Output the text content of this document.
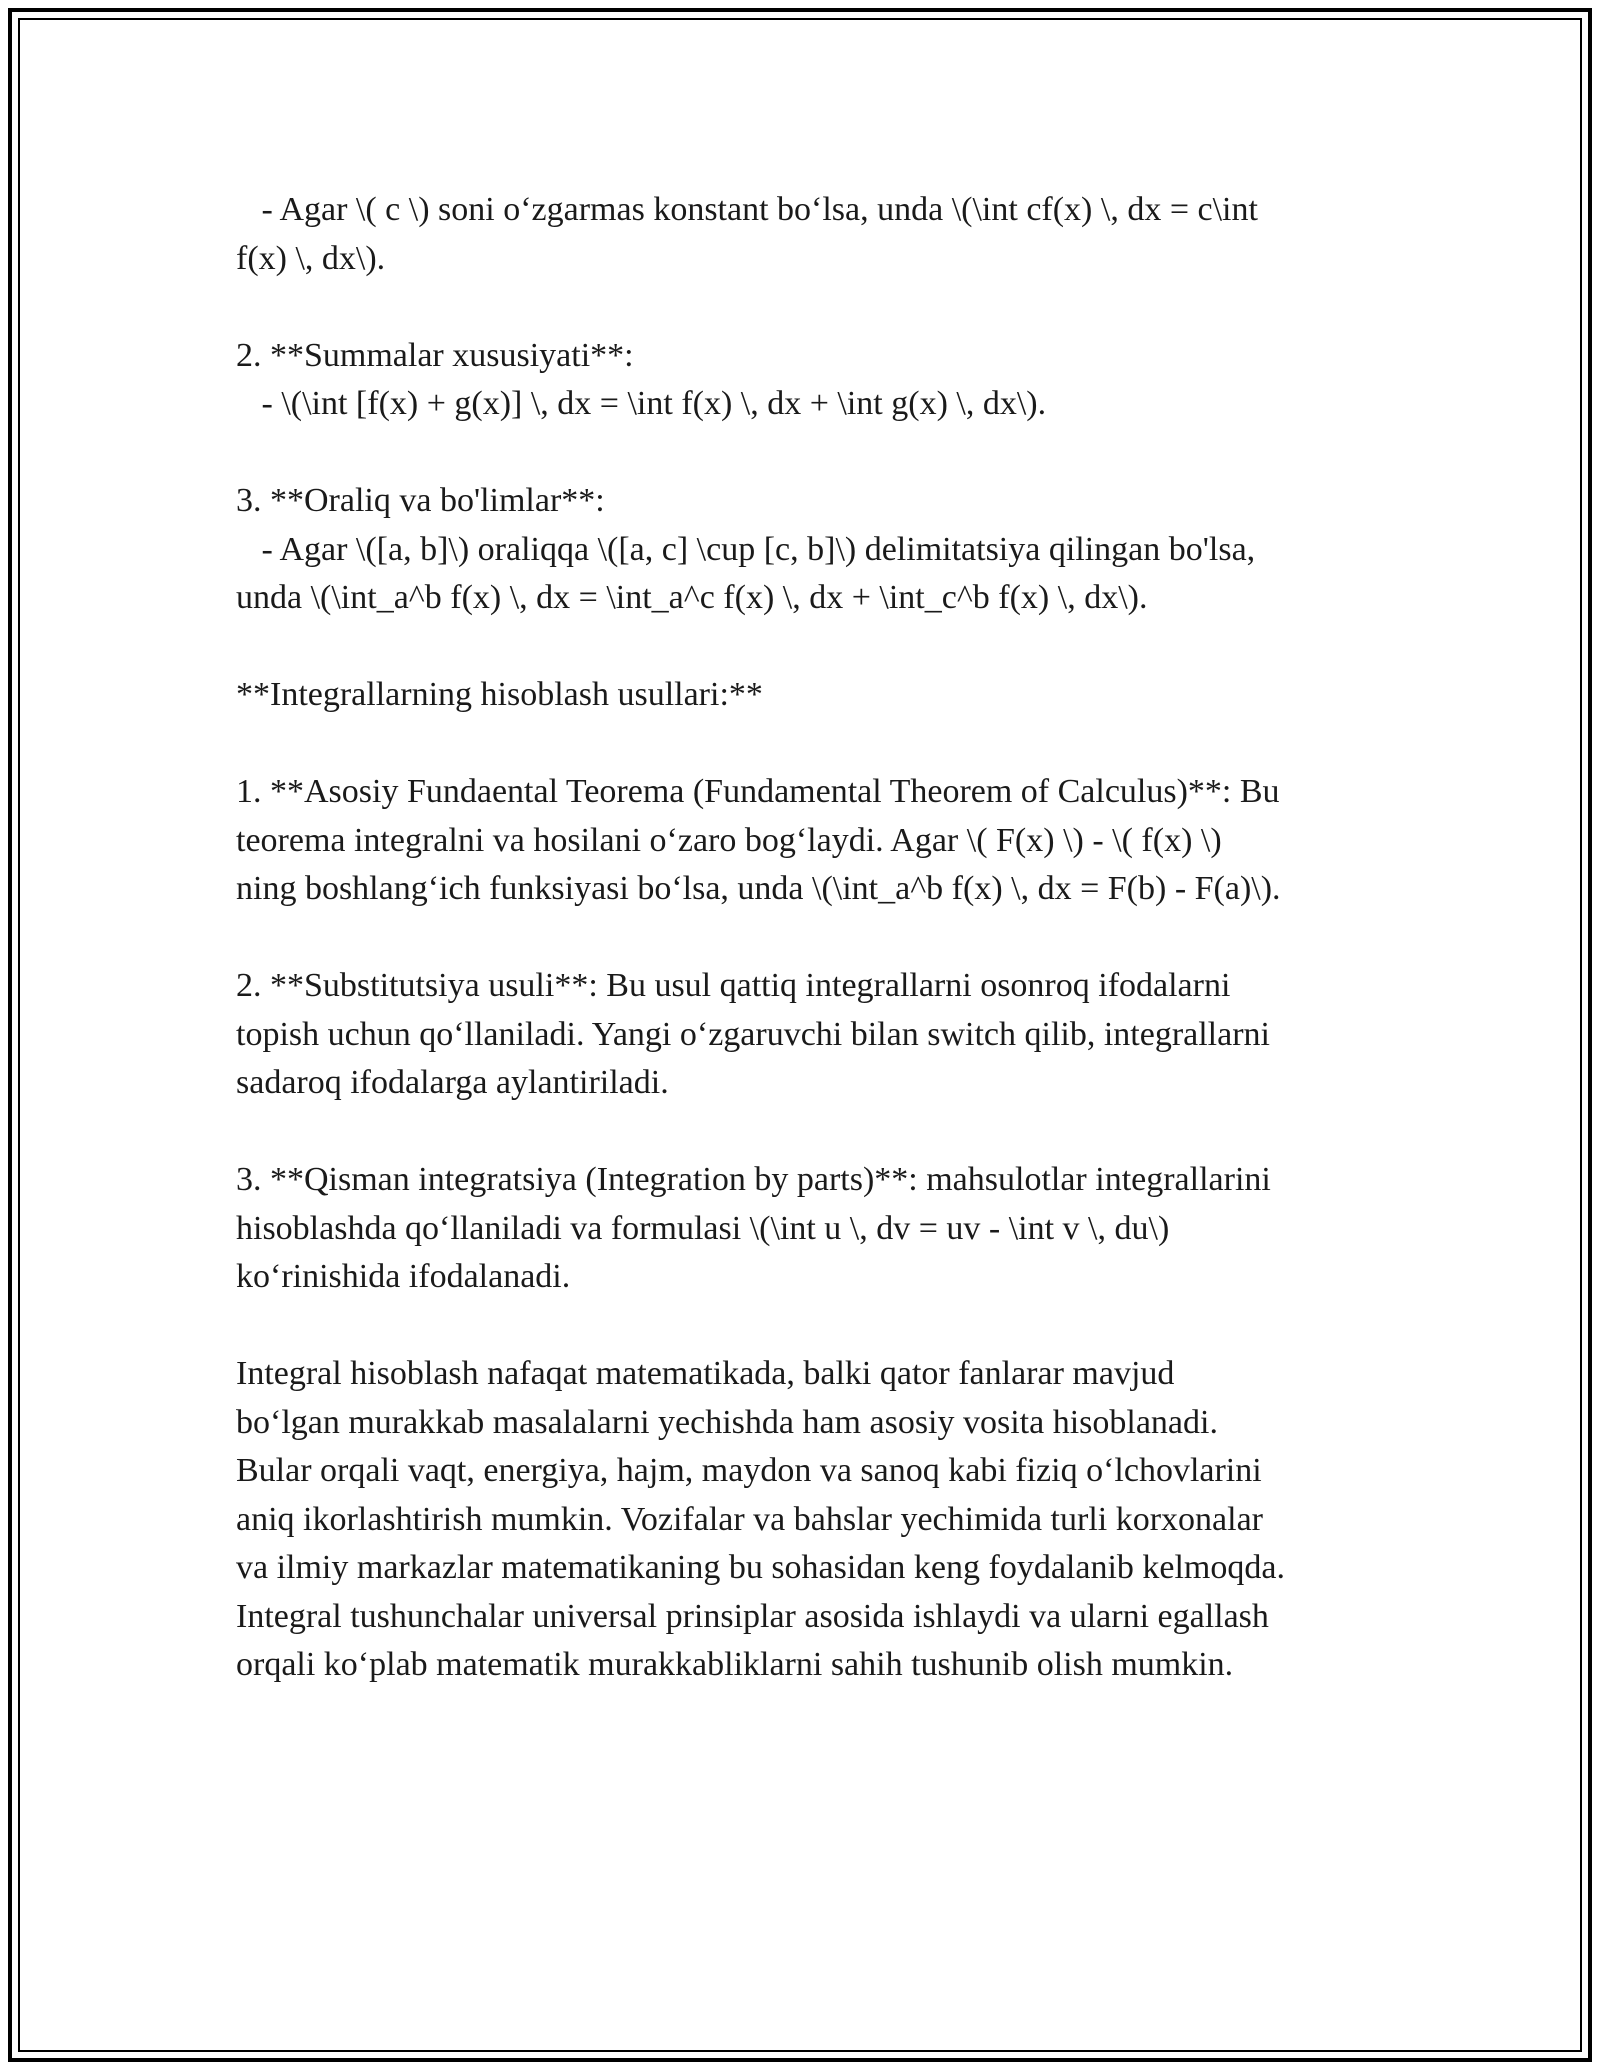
- Agar \( c \) soni oʻzgarmas konstant boʻlsa, unda \(\int cf(x) \, dx = c\int

f(x) \, dx\).

2. **Summalar xususiyati**:

- \(\int [f(x) + g(x)] \, dx = \int f(x) \, dx + \int g(x) \, dx\).

3. **Oraliq va bo'limlar**:

- Agar \([a, b]\) oraliqqa \([a, c] \cup [c, b]\) delimitatsiya qilingan bo'lsa,

unda \(\int_a^b f(x) \, dx = \int_a^c f(x) \, dx + \int_c^b f(x) \, dx\).

**Integrallarning hisoblash usullari:**

1. **Asosiy Fundaental Teorema (Fundamental Theorem of Calculus)**: Bu

teorema integralni va hosilani oʻzaro bogʻlaydi. Agar \( F(x) \) - \( f(x) \)

ning boshlangʻich funksiyasi boʻlsa, unda \(\int_a^b f(x) \, dx = F(b) - F(a)\).

2. **Substitutsiya usuli**: Bu usul qattiq integrallarni osonroq ifodalarni

topish uchun qoʻllaniladi. Yangi oʻzgaruvchi bilan switch qilib, integrallarni

sadaroq ifodalarga aylantiriladi.

3. **Qisman integratsiya (Integration by parts)**: mahsulotlar integrallarini

hisoblashda qoʻllaniladi va formulasi \(\int u \, dv = uv - \int v \, du\)

koʻrinishida ifodalanadi.

Integral hisoblash nafaqat matematikada, balki qator fanlarar mavjud

boʻlgan murakkab masalalarni yechishda ham asosiy vosita hisoblanadi.

Bular orqali vaqt, energiya, hajm, maydon va sanoq kabi fiziq oʻlchovlarini

aniq ikorlashtirish mumkin. Vozifalar va bahslar yechimida turli korxonalar

va ilmiy markazlar matematikaning bu sohasidan keng foydalanib kelmoqda.

Integral tushunchalar universal prinsiplar asosida ishlaydi va ularni egallash

orqali koʻplab matematik murakkabliklarni sahih tushunib olish mumkin.
